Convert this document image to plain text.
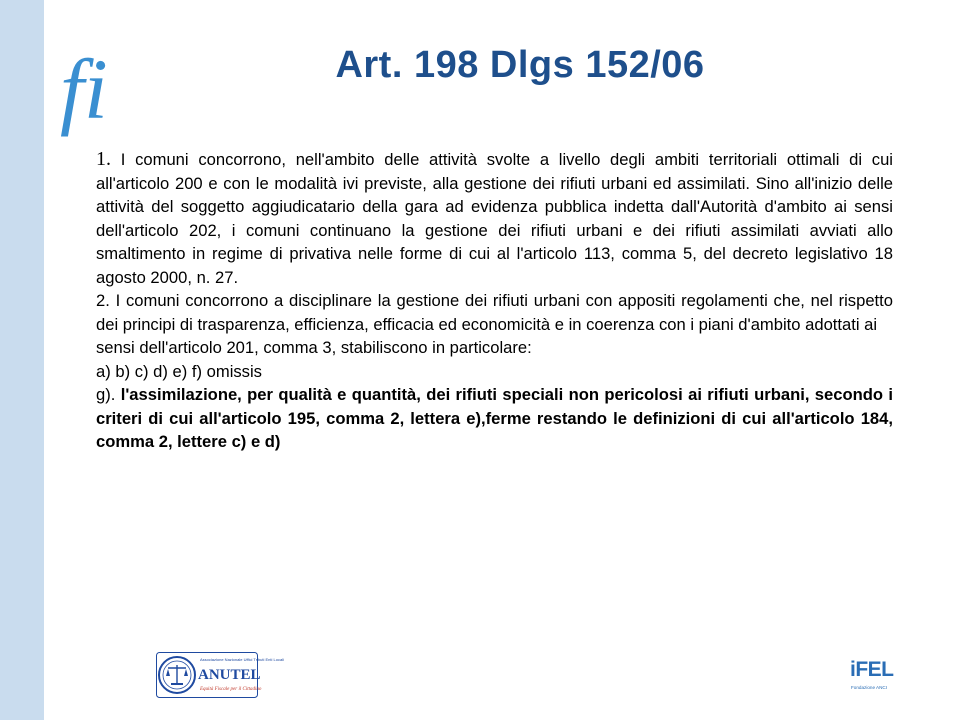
fi	Art. 198 Dlgs 152/06

1. I comuni concorrono, nell'ambito delle attività svolte a livello degli ambiti territoriali ottimali di cui all'articolo 200 e con le modalità ivi previste, alla gestione dei rifiuti urbani ed assimilati. Sino all'inizio delle attività del soggetto aggiudicatario della gara ad evidenza pubblica indetta dall'Autorità d'ambito ai sensi dell'articolo 202, i comuni continuano la gestione dei rifiuti urbani e dei rifiuti assimilati avviati allo smaltimento in regime di privativa nelle forme di cui al l'articolo 113, comma 5, del decreto legislativo 18 agosto 2000, n. 27.

2. I comuni concorrono a disciplinare la gestione dei rifiuti urbani con appositi regolamenti che, nel rispetto dei principi di trasparenza, efficienza, efficacia ed economicità e in coerenza con i piani d'ambito adottati ai

sensi dell'articolo 201, comma 3, stabiliscono in particolare:

a) b) c) d) e) f) omissis

g). l'assimilazione, per qualità e quantità, dei rifiuti speciali non pericolosi ai rifiuti urbani, secondo i criteri di cui all'articolo 195, comma 2, lettera e),ferme restando le definizioni di cui all'articolo 184, comma 2, lettere c) e d)

Associazione Nazionale Uffici Tributi Enti Locali
ANUTEL
Equità Fiscale per il Cittadino
iFEL
Fondazione ANCI
